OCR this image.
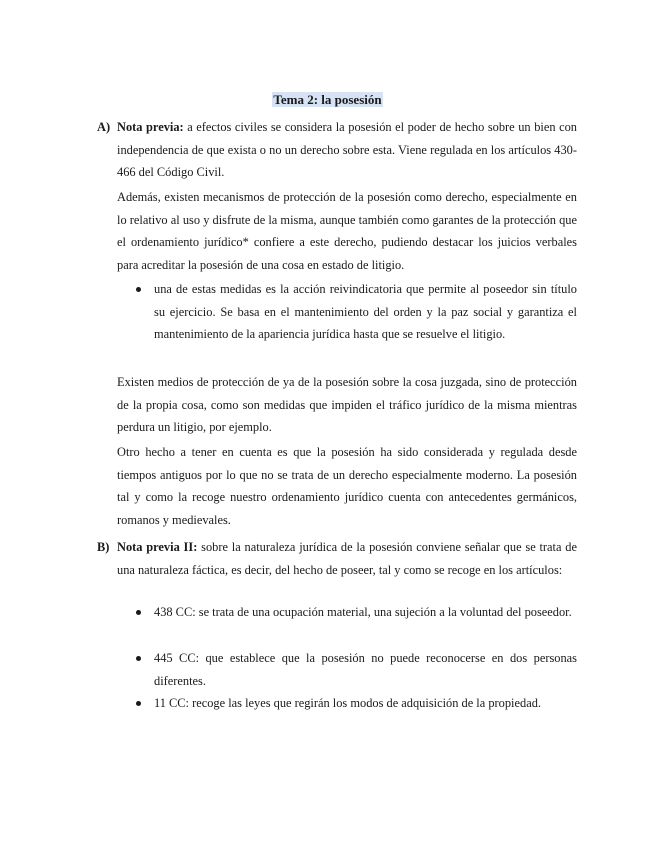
Tema 2: la posesión
A) Nota previa: a efectos civiles se considera la posesión el poder de hecho sobre un bien con independencia de que exista o no un derecho sobre esta. Viene regulada en los artículos 430-466 del Código Civil.

Además, existen mecanismos de protección de la posesión como derecho, especialmente en lo relativo al uso y disfrute de la misma, aunque también como garantes de la protección que el ordenamiento jurídico* confiere a este derecho, pudiendo destacar los juicios verbales para acreditar la posesión de una cosa en estado de litigio.

una de estas medidas es la acción reivindicatoria que permite al poseedor sin título su ejercicio. Se basa en el mantenimiento del orden y la paz social y garantiza el mantenimiento de la apariencia jurídica hasta que se resuelve el litigio.

Existen medios de protección de ya de la posesión sobre la cosa juzgada, sino de protección de la propia cosa, como son medidas que impiden el tráfico jurídico de la misma mientras perdura un litigio, por ejemplo.

Otro hecho a tener en cuenta es que la posesión ha sido considerada y regulada desde tiempos antiguos por lo que no se trata de un derecho especialmente moderno. La posesión tal y como la recoge nuestro ordenamiento jurídico cuenta con antecedentes germánicos, romanos y medievales.

B) Nota previa II: sobre la naturaleza jurídica de la posesión conviene señalar que se trata de una naturaleza fáctica, es decir, del hecho de poseer, tal y como se recoge en los artículos:

438 CC: se trata de una ocupación material, una sujeción a la voluntad del poseedor.

445 CC: que establece que la posesión no puede reconocerse en dos personas diferentes.

11 CC: recoge las leyes que regirán los modos de adquisición de la propiedad.
